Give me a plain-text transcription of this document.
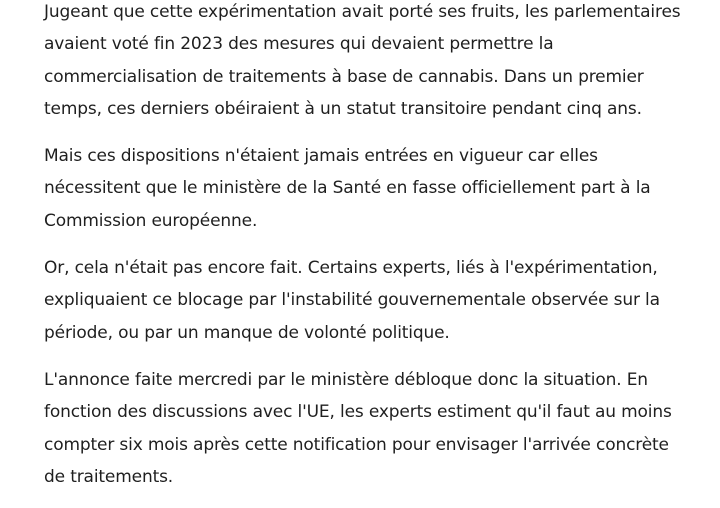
Jugeant que cette expérimentation avait porté ses fruits, les parlementaires avaient voté fin 2023 des mesures qui devaient permettre la commercialisation de traitements à base de cannabis. Dans un premier temps, ces derniers obéiraient à un statut transitoire pendant cinq ans.

Mais ces dispositions n'étaient jamais entrées en vigueur car elles nécessitent que le ministère de la Santé en fasse officiellement part à la Commission européenne.

Or, cela n'était pas encore fait. Certains experts, liés à l'expérimentation, expliquaient ce blocage par l'instabilité gouvernementale observée sur la période, ou par un manque de volonté politique.

L'annonce faite mercredi par le ministère débloque donc la situation. En fonction des discussions avec l'UE, les experts estiment qu'il faut au moins compter six mois après cette notification pour envisager l'arrivée concrète de traitements.
